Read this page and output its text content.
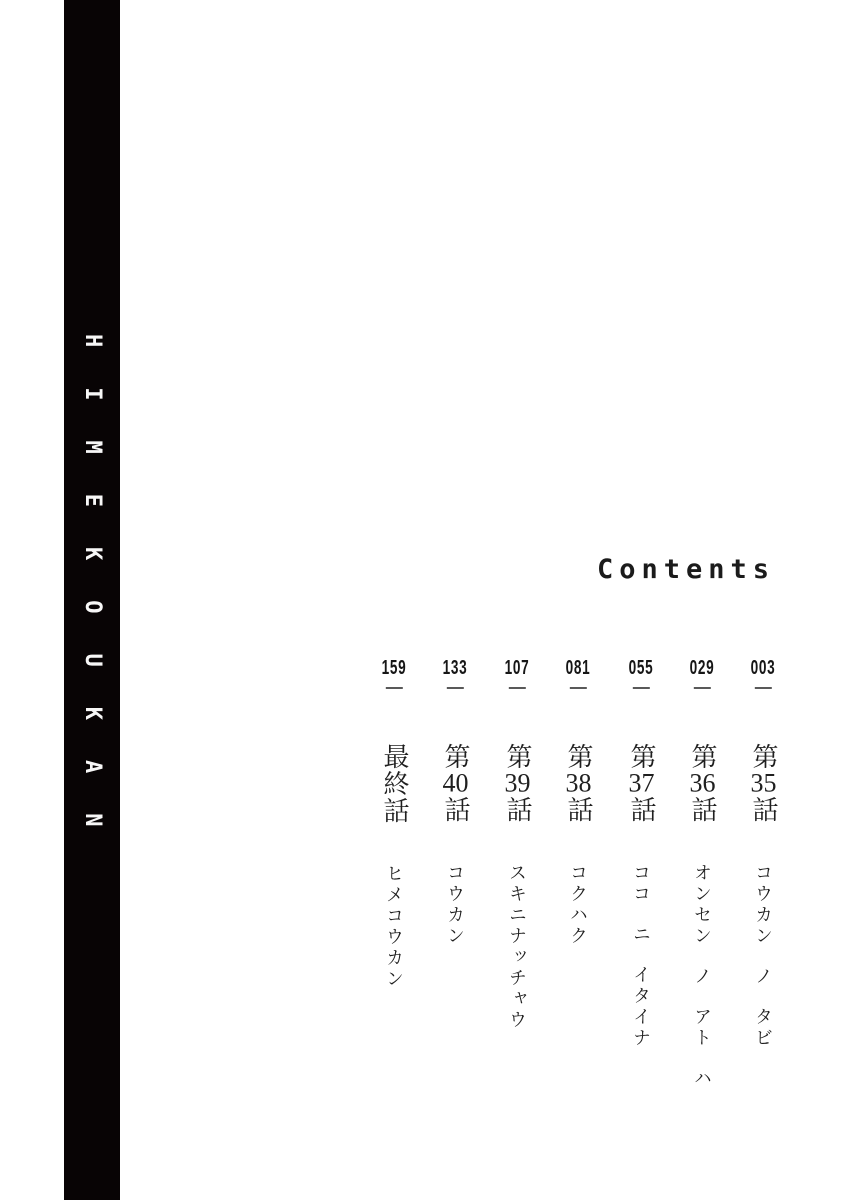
HIMEKOUKAN	Contents
003
第35話
コウカン ノ タビ
029
第36話
オンセン ノ アト ハ
055
第37話
ココ ニ イタイナ
081
第38話
コクハク
107
第39話
スキニナッチャウ
133
第40話
コウカン
159
最終話
ヒメコウカン
